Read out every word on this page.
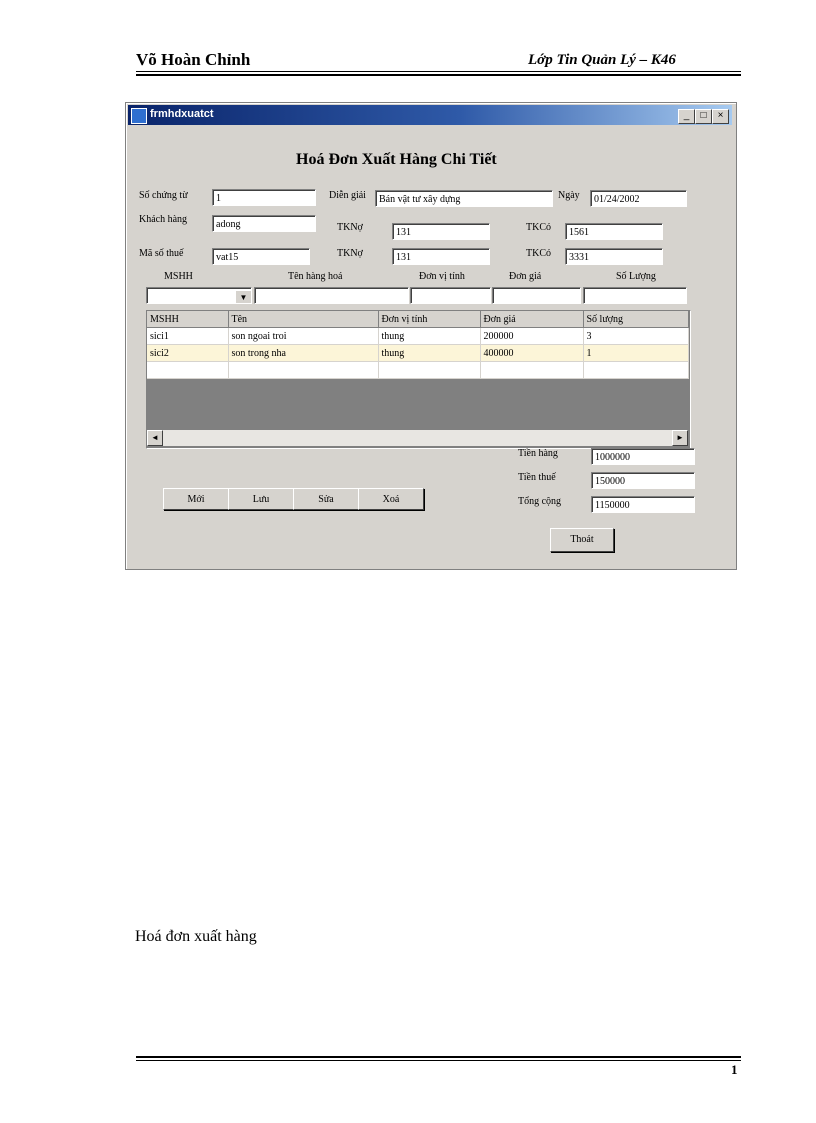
Võ Hoàn Chỉnh	Lớp Tin Quản Lý – K46
frmhdxuatct	_	□	×
Hoá Đơn Xuất Hàng Chi Tiết
Số chứng từ	1	Diễn giải	Bán vật tư xây dựng	Ngày	01/24/2002
Khách hàng	adong	TKNợ	131	TKCó	1561
Mã số thuế	vat15	TKNợ	131	TKCó	3331
MSHH	Tên hàng hoá	Đơn vị tính	Đơn giá	Số Lượng
▼
MSHH	Tên	Đơn vị tính	Đơn giá	Số lượng
sici1	son ngoai troi	thung	200000	3
sici2	son trong nha	thung	400000	1

◄	►
Tiền hàng	1000000
Tiền thuế	150000
Tổng cộng	1150000
Mới	Lưu	Sửa	Xoá
Thoát
Hoá đơn xuất hàng
1
